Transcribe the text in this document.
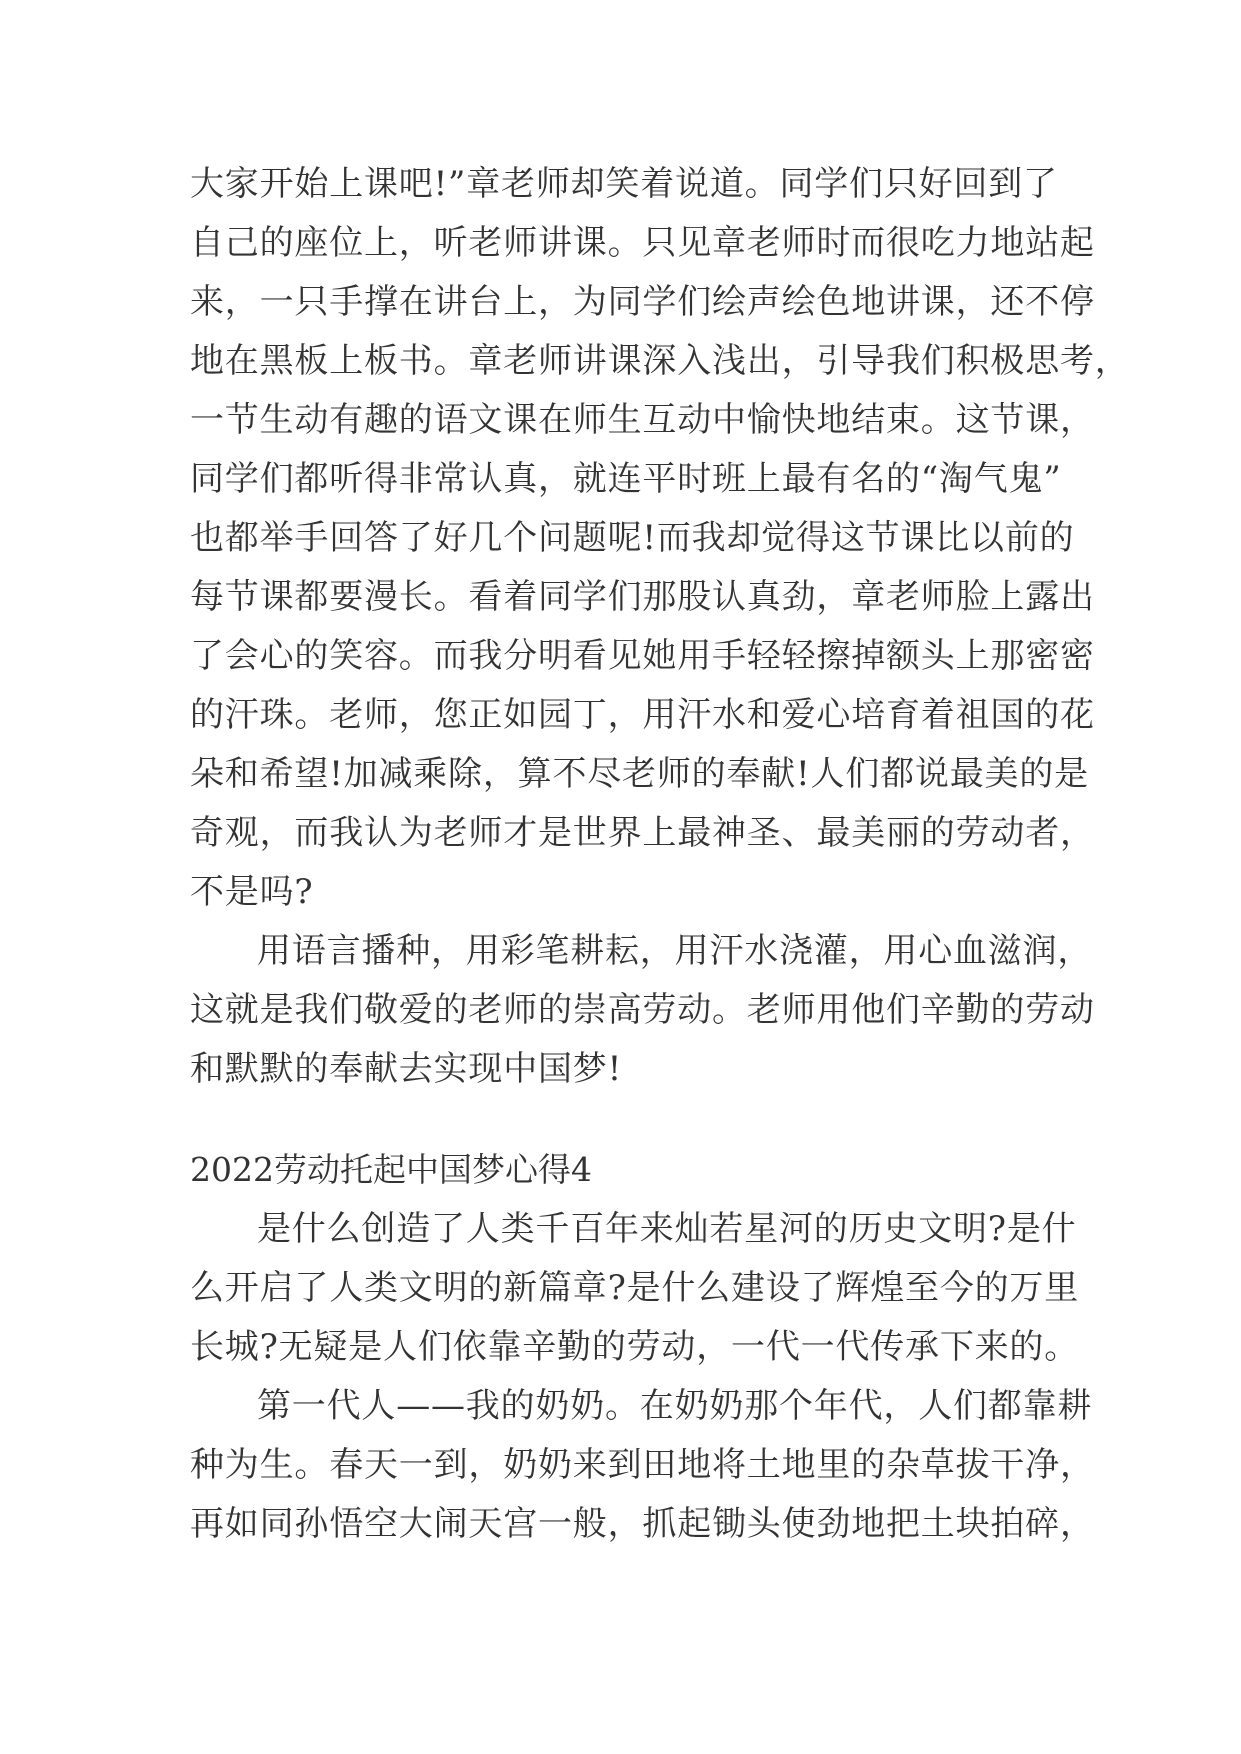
大家开始上课吧!”章老师却笑着说道。同学们只好回到了
自己的座位上，听老师讲课。只见章老师时而很吃力地站起
来，一只手撑在讲台上，为同学们绘声绘色地讲课，还不停
地在黑板上板书。章老师讲课深入浅出，引导我们积极思考，
一节生动有趣的语文课在师生互动中愉快地结束。这节课，
同学们都听得非常认真，就连平时班上最有名的“淘气鬼”
也都举手回答了好几个问题呢!而我却觉得这节课比以前的
每节课都要漫长。看着同学们那股认真劲，章老师脸上露出
了会心的笑容。而我分明看见她用手轻轻擦掉额头上那密密
的汗珠。老师，您正如园丁，用汗水和爱心培育着祖国的花
朵和希望!加减乘除，算不尽老师的奉献!人们都说最美的是
奇观，而我认为老师才是世界上最神圣、最美丽的劳动者，
不是吗?
用语言播种，用彩笔耕耘，用汗水浇灌，用心血滋润，
这就是我们敬爱的老师的崇高劳动。老师用他们辛勤的劳动
和默默的奉献去实现中国梦!
2022劳动托起中国梦心得4
是什么创造了人类千百年来灿若星河的历史文明?是什
么开启了人类文明的新篇章?是什么建设了辉煌至今的万里
长城?无疑是人们依靠辛勤的劳动，一代一代传承下来的。
第一代人——我的奶奶。在奶奶那个年代，人们都靠耕
种为生。春天一到，奶奶来到田地将土地里的杂草拔干净，
再如同孙悟空大闹天宫一般，抓起锄头使劲地把土块拍碎，
